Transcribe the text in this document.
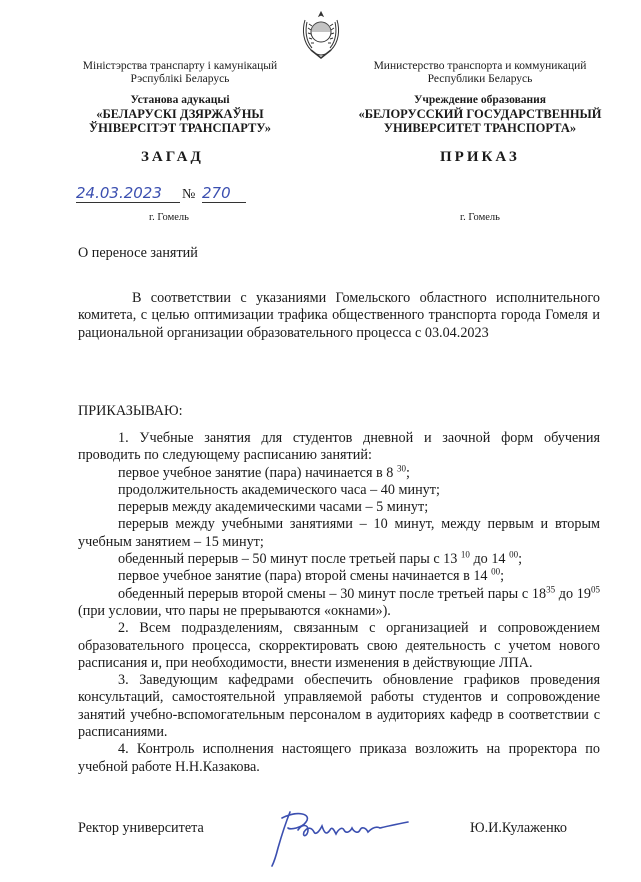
Міністэрства транспарту і камунікацый
Рэспублікі Беларусь
Установа адукацыі
«БЕЛАРУСКІ ДЗЯРЖАЎНЫ
ЎНІВЕРСІТЭТ ТРАНСПАРТУ»
Министерство транспорта и коммуникаций
Республики Беларусь
Учреждение образования
«БЕЛОРУССКИЙ ГОСУДАРСТВЕННЫЙ
УНИВЕРСИТЕТ ТРАНСПОРТА»
ЗАГАД	ПРИКАЗ
24.03.2023	№ 270
г. Гомель	г. Гомель
О переносе занятий
В соответствии с указаниями Гомельского областного исполнительного комитета, с целью оптимизации трафика общественного транспорта города Гомеля и рациональной организации образовательного процесса с 03.04.2023
ПРИКАЗЫВАЮ:
1. Учебные занятия для студентов дневной и заочной форм обучения проводить по следующему расписанию занятий:
первое учебное занятие (пара) начинается в 8 $^{30}$;
продолжительность академического часа – 40 минут;
перерыв между академическими часами – 5 минут;
перерыв между учебными занятиями – 10 минут, между первым и вторым учебным занятием – 15 минут;
обеденный перерыв – 50 минут после третьей пары с 13 $^{10}$ до 14 $^{00}$;
первое учебное занятие (пара) второй смены начинается в 14 $^{00}$;
обеденный перерыв второй смены – 30 минут после третьей пары с $18^{35}$ до $19^{05}$ (при условии, что пары не прерываются «окнами»).
2. Всем подразделениям, связанным с организацией и сопровождением образовательного процесса, скорректировать свою деятельность с учетом нового расписания и, при необходимости, внести изменения в действующие ЛПА.
3. Заведующим кафедрами обеспечить обновление графиков проведения консультаций, самостоятельной управляемой работы студентов и сопровождение занятий учебно-вспомогательным персоналом в аудиториях кафедр в соответствии с расписаниями.
4. Контроль исполнения настоящего приказа возложить на проректора по учебной работе Н.Н.Казакова.
Ректор университета	Ю.И.Кулаженко
